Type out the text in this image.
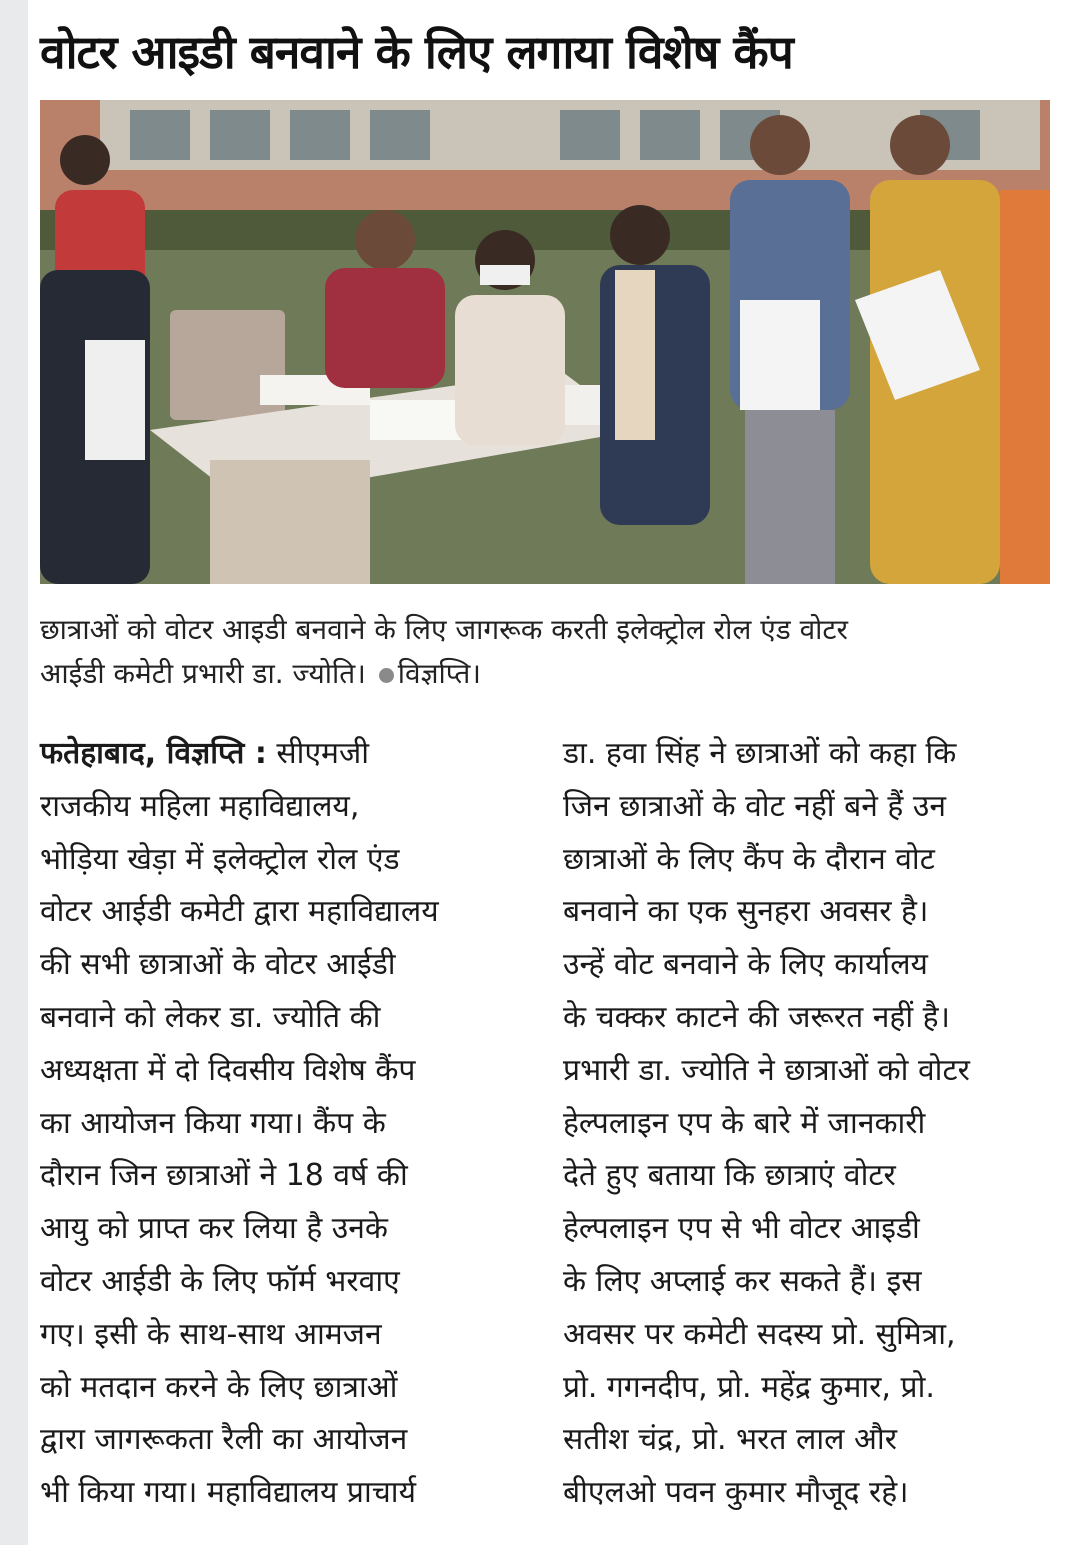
वोटर आइडी बनवाने के लिए लगाया विशेष कैंप
छात्राओं को वोटर आइडी बनवाने के लिए जागरूक करती इलेक्ट्रोल रोल एंड वोटर
आईडी कमेटी प्रभारी डा. ज्योति। विज्ञप्ति।
फतेहाबाद, विज्ञप्ति : सीएमजी
राजकीय महिला महाविद्यालय,
भोड़िया खेड़ा में इलेक्ट्रोल रोल एंड
वोटर आईडी कमेटी द्वारा महाविद्यालय
की सभी छात्राओं के वोटर आईडी
बनवाने को लेकर डा. ज्योति की
अध्यक्षता में दो दिवसीय विशेष कैंप
का आयोजन किया गया। कैंप के
दौरान जिन छात्राओं ने 18 वर्ष की
आयु को प्राप्त कर लिया है उनके
वोटर आईडी के लिए फॉर्म भरवाए
गए। इसी के साथ-साथ आमजन
को मतदान करने के लिए छात्राओं
द्वारा जागरूकता रैली का आयोजन
भी किया गया। महाविद्यालय प्राचार्य
डा. हवा सिंह ने छात्राओं को कहा कि
जिन छात्राओं के वोट नहीं बने हैं उन
छात्राओं के लिए कैंप के दौरान वोट
बनवाने का एक सुनहरा अवसर है।
उन्हें वोट बनवाने के लिए कार्यालय
के चक्कर काटने की जरूरत नहीं है।
प्रभारी डा. ज्योति ने छात्राओं को वोटर
हेल्पलाइन एप के बारे में जानकारी
देते हुए बताया कि छात्राएं वोटर
हेल्पलाइन एप से भी वोटर आइडी
के लिए अप्लाई कर सकते हैं। इस
अवसर पर कमेटी सदस्य प्रो. सुमित्रा,
प्रो. गगनदीप, प्रो. महेंद्र कुमार, प्रो.
सतीश चंद्र, प्रो. भरत लाल और
बीएलओ पवन कुमार मौजूद रहे।
